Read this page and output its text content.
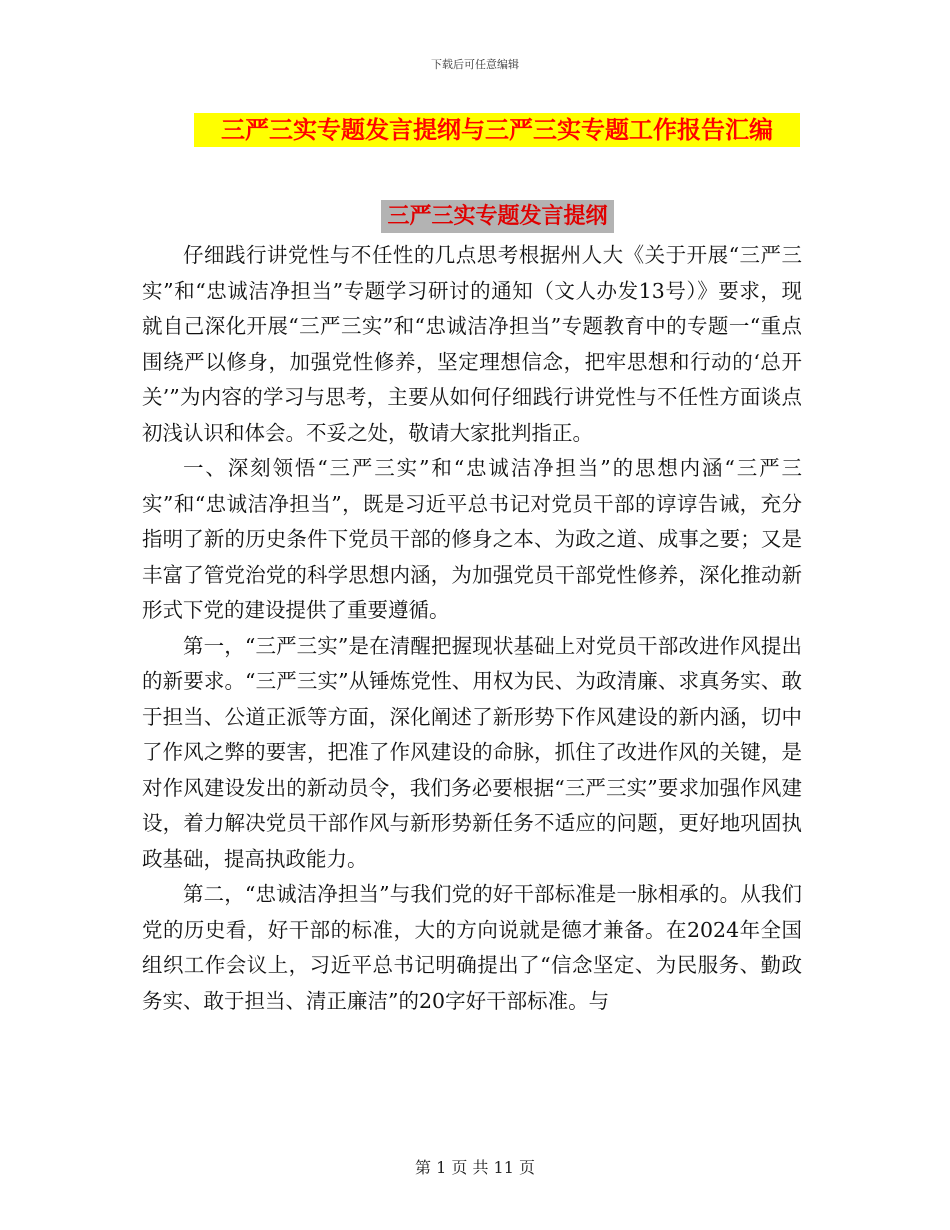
下载后可任意编辑
三严三实专题发言提纲与三严三实专题工作报告汇编
三严三实专题发言提纲

仔细践行讲党性与不任性的几点思考根据州人大《关于开展“三严三实”和“忠诚洁净担当”专题学习研讨的通知（文人办发13号）》要求，现就自己深化开展“三严三实”和“忠诚洁净担当”专题教育中的专题一“重点围绕严以修身，加强党性修养，坚定理想信念，把牢思想和行动的‘总开关’”为内容的学习与思考，主要从如何仔细践行讲党性与不任性方面谈点初浅认识和体会。不妥之处，敬请大家批判指正。

一、深刻领悟“三严三实”和“忠诚洁净担当”的思想内涵“三严三实”和“忠诚洁净担当”，既是习近平总书记对党员干部的谆谆告诫，充分指明了新的历史条件下党员干部的修身之本、为政之道、成事之要；又是丰富了管党治党的科学思想内涵，为加强党员干部党性修养，深化推动新形式下党的建设提供了重要遵循。

第一，“三严三实”是在清醒把握现状基础上对党员干部改进作风提出的新要求。“三严三实”从锤炼党性、用权为民、为政清廉、求真务实、敢于担当、公道正派等方面，深化阐述了新形势下作风建设的新内涵，切中了作风之弊的要害，把准了作风建设的命脉，抓住了改进作风的关键，是对作风建设发出的新动员令，我们务必要根据“三严三实”要求加强作风建设，着力解决党员干部作风与新形势新任务不适应的问题，更好地巩固执政基础，提高执政能力。

第二，“忠诚洁净担当”与我们党的好干部标准是一脉相承的。从我们党的历史看，好干部的标准，大的方向说就是德才兼备。在2024年全国组织工作会议上，习近平总书记明确提出了“信念坚定、为民服务、勤政务实、敢于担当、清正廉洁”的20字好干部标准。与

第 1 页 共 11 页
